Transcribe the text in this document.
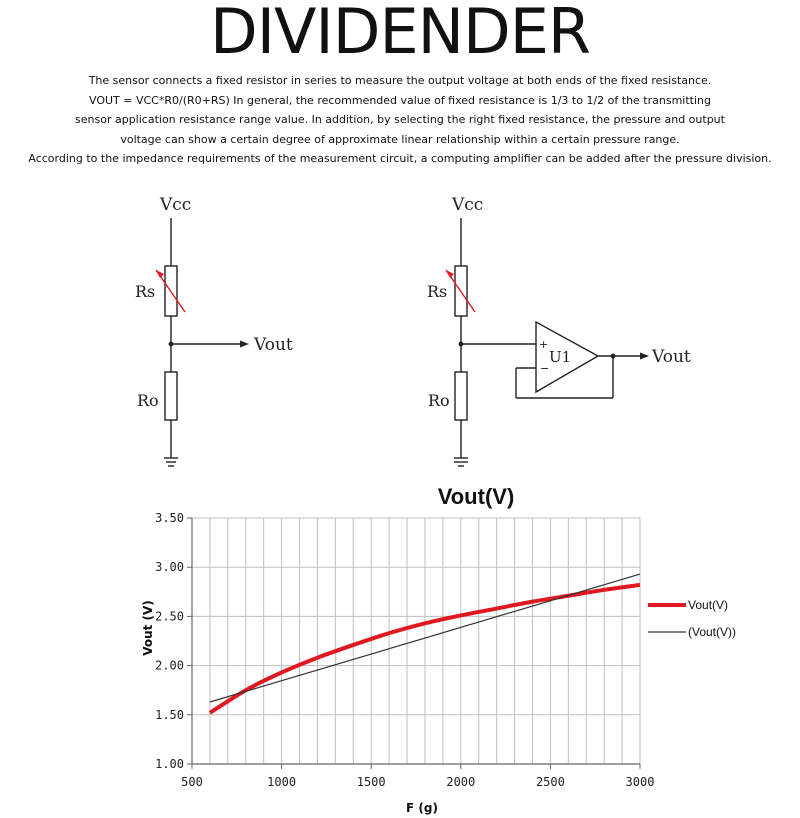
DIVIDENDER
The sensor connects a fixed resistor in series to measure the output voltage at both ends of the fixed resistance.
VOUT = VCC*R0/(R0+RS) In general, the recommended value of fixed resistance is 1/3 to 1/2 of the transmitting
sensor application resistance range value. In addition, by selecting the right fixed resistance, the pressure and output
voltage can show a certain degree of approximate linear relationship within a certain pressure range.
According to the impedance requirements of the measurement circuit, a computing amplifier can be added after the pressure division.
Vcc
Rs
Vout
Ro
Vcc
Rs
+
−
U1	Vout
Ro
Vout(V)
1.00
1.50
2.00
2.50
3.00
3.50
500	1000	1500	2000	2500	3000
Vout(V)
(Vout(V))
F (g)
Vout (V)
